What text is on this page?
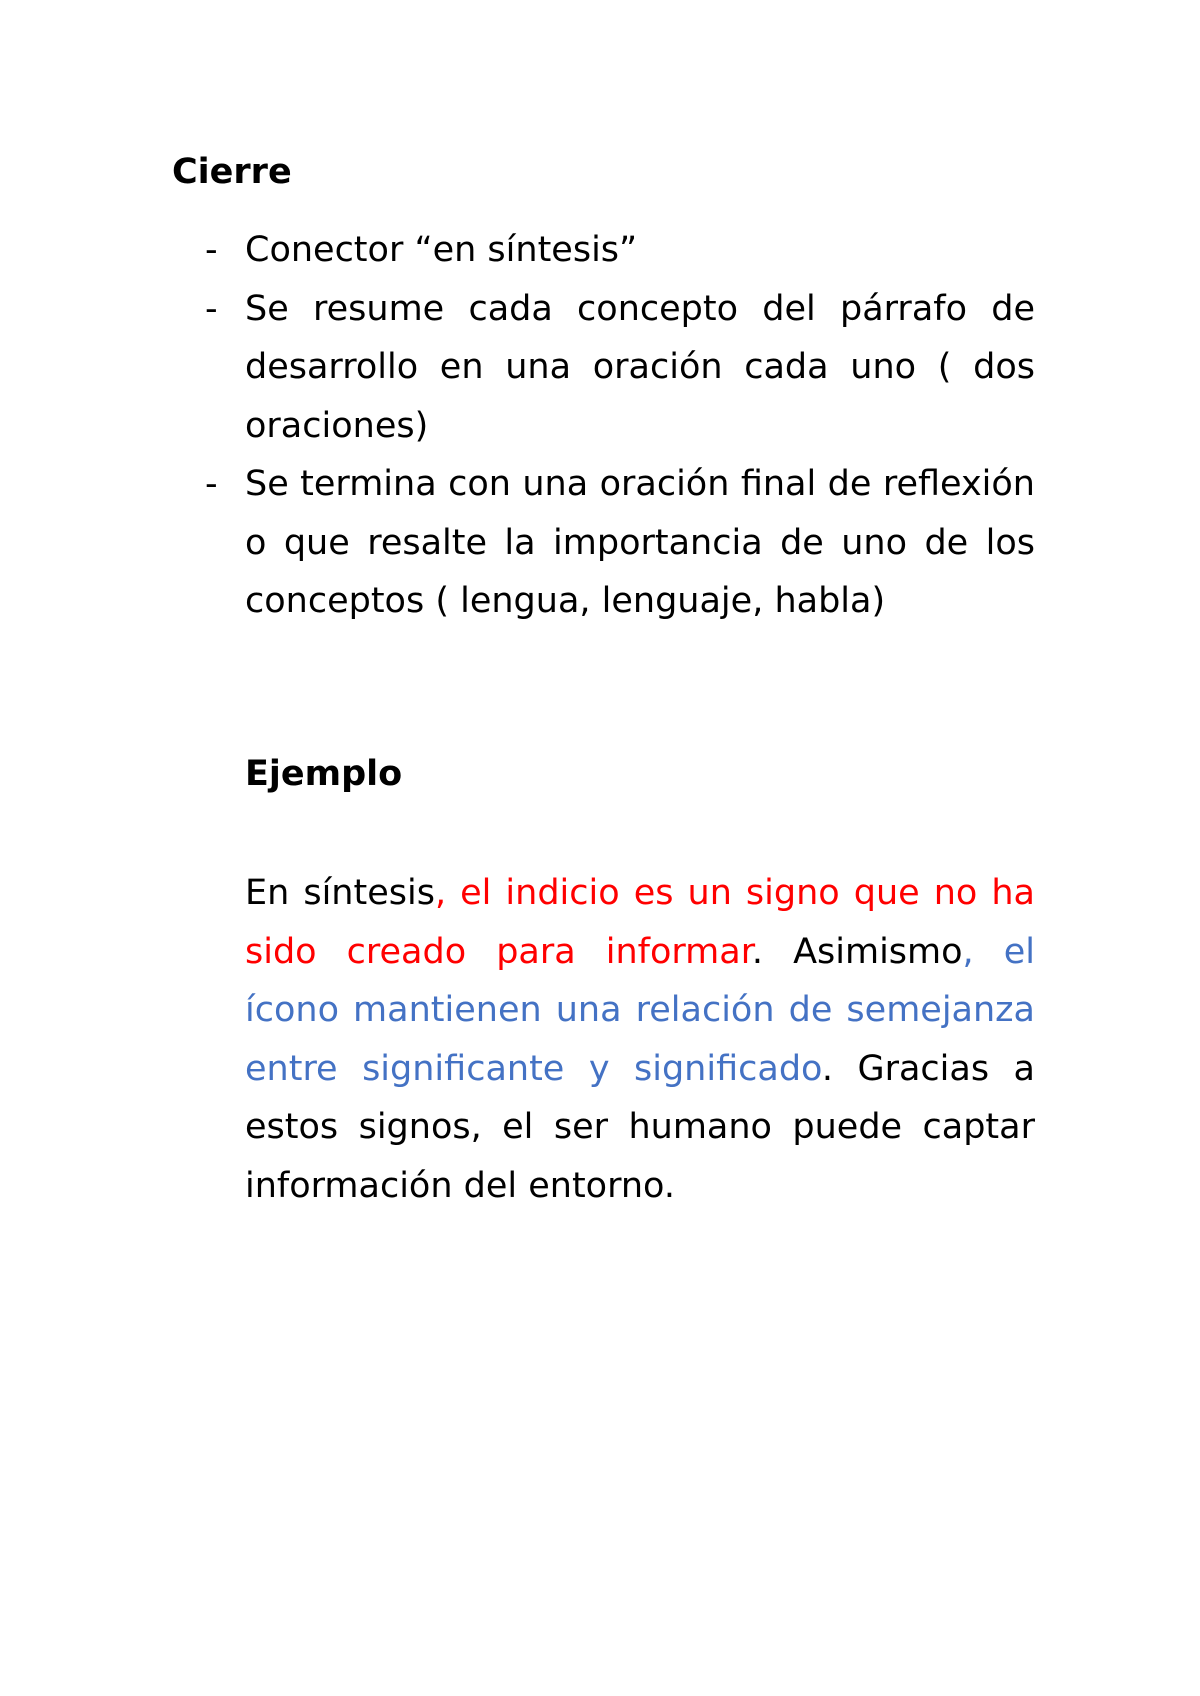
Cierre
- Conector “en síntesis”
- Se resume cada concepto del párrafo de desarrollo en una oración cada uno ( dos oraciones)
- Se termina con una oración final de reflexión o que resalte la importancia de uno de los conceptos ( lengua, lenguaje, habla)
Ejemplo

En síntesis, el indicio es un signo que no ha sido creado para informar. Asimismo, el ícono mantienen una relación de semejanza entre significante y significado. Gracias a estos signos, el ser humano puede captar información del entorno.
